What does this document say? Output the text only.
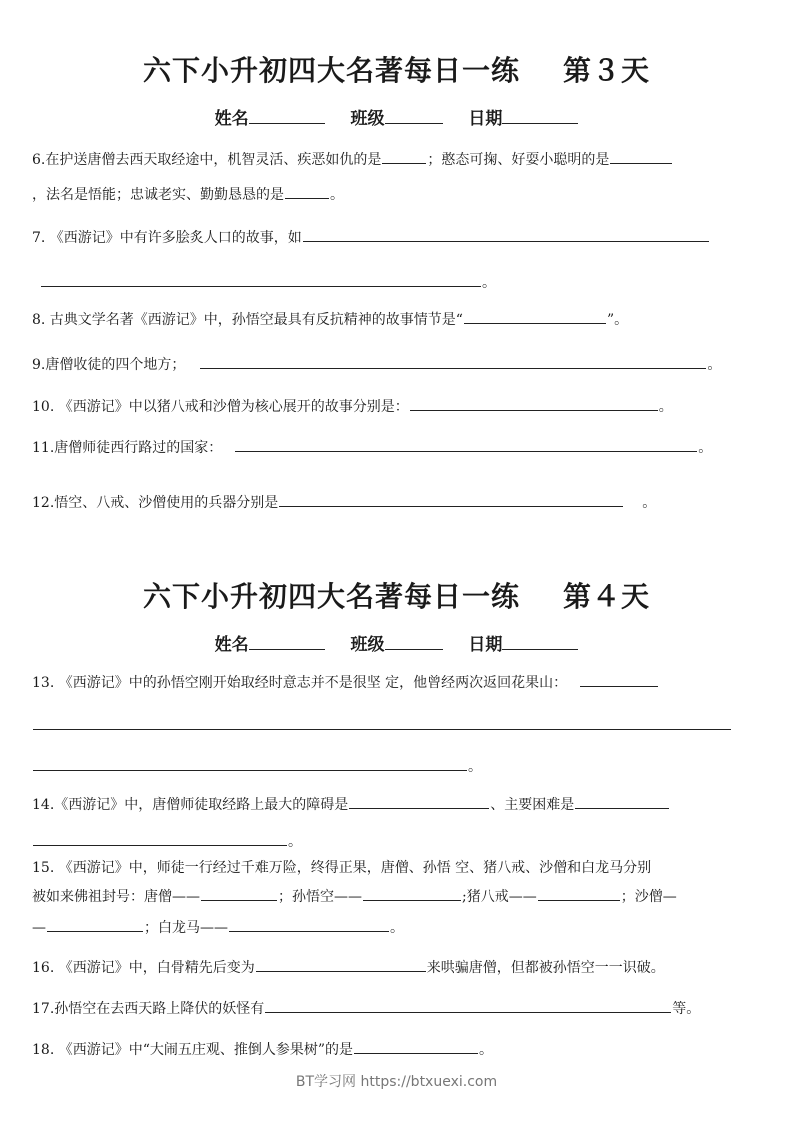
六下小升初四大名著每日一练    第３天
姓名	班级	日期
6.在护送唐僧去西天取经途中，机智灵活、疾恶如仇的是	；憨态可掬、好耍小聪明的是
，法名是悟能；忠诚老实、勤勤恳恳的是	。
7. 《西游记》中有许多脍炙人口的故事，如
。
8. 古典文学名著《西游记》中，孙悟空最具有反抗精神的故事情节是“	”。
9.唐僧收徒的四个地方；	。
10. 《西游记》中以猪八戒和沙僧为核心展开的故事分别是：	。
11.唐僧师徒西行路过的国家：	。
12.悟空、八戒、沙僧使用的兵器分别是	。
六下小升初四大名著每日一练    第４天
姓名	班级	日期
13. 《西游记》中的孙悟空刚开始取经时意志并不是很坚 定，他曾经两次返回花果山：
。
14.《西游记》中，唐僧师徒取经路上最大的障碍是	、主要困难是
。
15. 《西游记》中，师徒一行经过千难万险，终得正果，唐僧、孙悟 空、猪八戒、沙僧和白龙马分别
被如来佛祖封号：唐僧——	；孙悟空——	;猪八戒——	；沙僧—
—	；白龙马——	。
16. 《西游记》中，白骨精先后变为	来哄骗唐僧，但都被孙悟空一一识破。
17.孙悟空在去西天路上降伏的妖怪有	等。
18. 《西游记》中“大闹五庄观、推倒人参果树”的是	。
BT学习网 https://btxuexi.com
